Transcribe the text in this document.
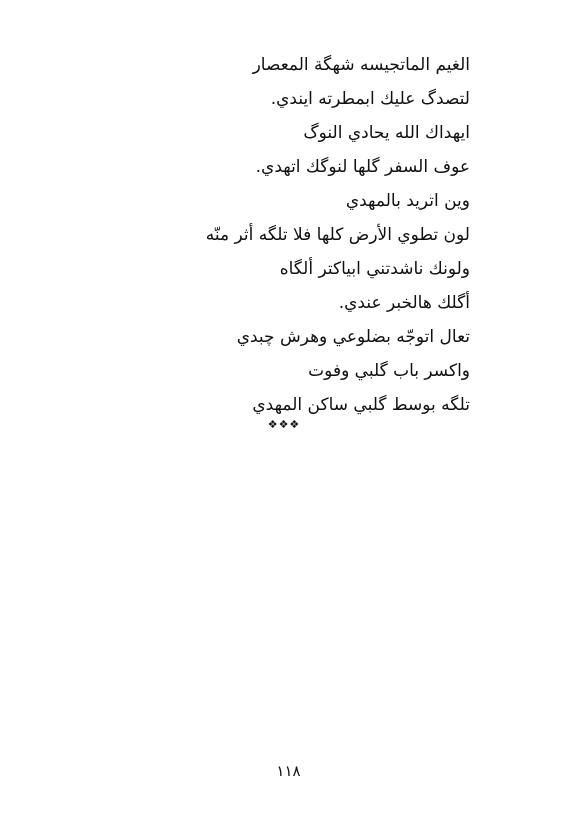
الغيم الماتجيسه شهگة المعصار
لتصدگ عليك ابمطرته ايندي.
ايهداك الله يحادي النوگ
عوف السفر گلها لنوگك اتهدي.
وين اتريد بالمهدي
لون تطوي الأرض كلها فلا تلگه أثر منّه
ولونك ناشدتني ابياكتر ألگاه
أگلك هالخبر عندي.
تعال اتوجّه بضلوعي وهرش چبدي
واكسر باب گلبي وفوت
تلگه بوسط گلبي ساكن المهدي
❖❖❖
١١٨
